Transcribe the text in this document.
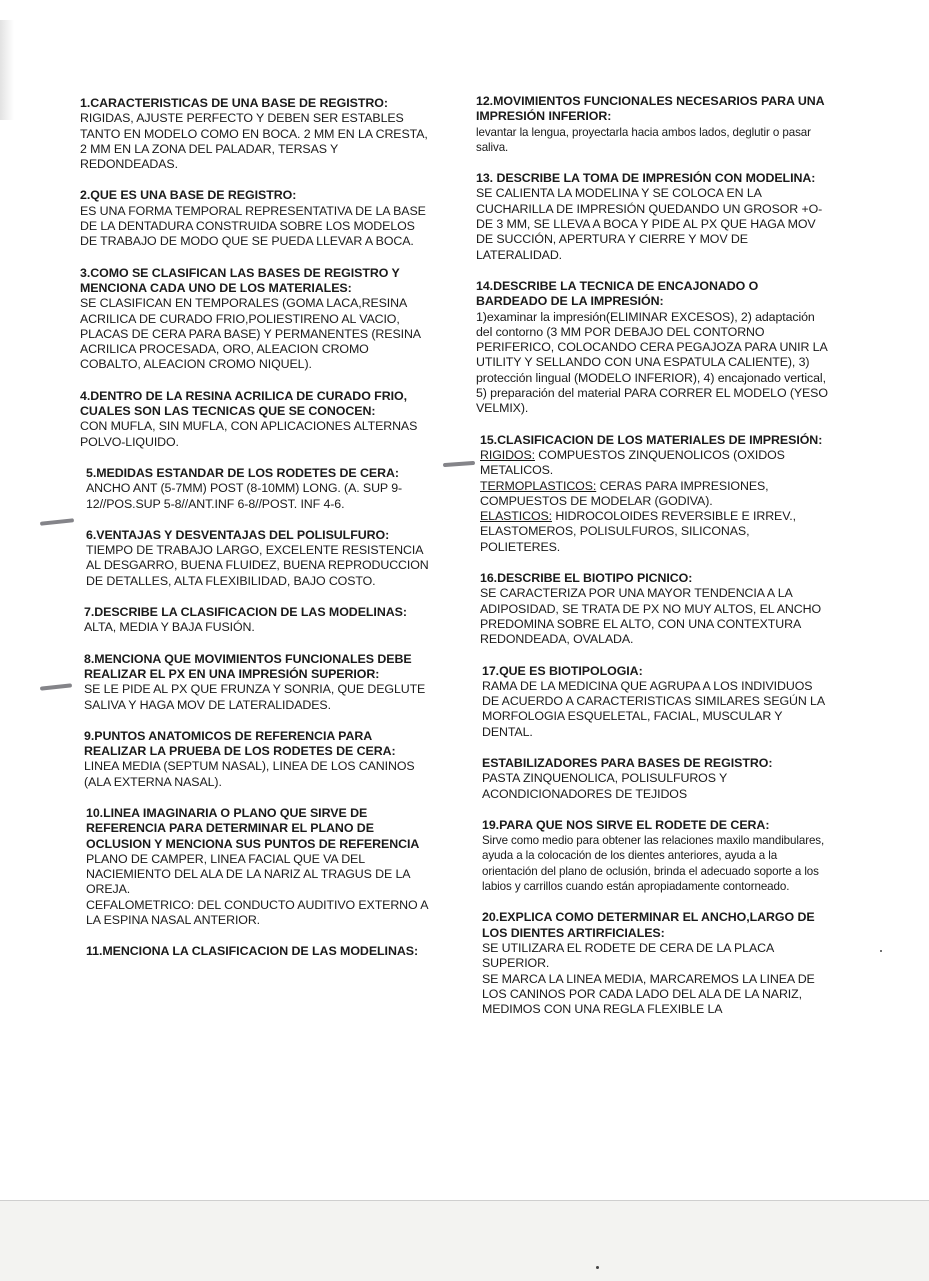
1.CARACTERISTICAS DE UNA BASE DE REGISTRO:
RIGIDAS, AJUSTE PERFECTO Y DEBEN SER ESTABLES TANTO EN MODELO COMO EN BOCA. 2 MM EN LA CRESTA, 2 MM EN LA ZONA DEL PALADAR, TERSAS Y REDONDEADAS.
2.QUE ES UNA BASE DE REGISTRO:
ES UNA FORMA TEMPORAL REPRESENTATIVA DE LA BASE DE LA DENTADURA CONSTRUIDA SOBRE LOS MODELOS DE TRABAJO DE MODO QUE SE PUEDA LLEVAR A BOCA.
3.COMO SE CLASIFICAN LAS BASES DE REGISTRO Y MENCIONA CADA UNO DE LOS MATERIALES:
SE CLASIFICAN EN TEMPORALES (GOMA LACA,RESINA ACRILICA DE CURADO FRIO,POLIESTIRENO AL VACIO, PLACAS DE CERA PARA BASE) Y PERMANENTES (RESINA ACRILICA PROCESADA, ORO, ALEACION CROMO COBALTO, ALEACION CROMO NIQUEL).
4.DENTRO DE LA RESINA ACRILICA DE CURADO FRIO, CUALES SON LAS TECNICAS QUE SE CONOCEN:
CON MUFLA, SIN MUFLA, CON APLICACIONES ALTERNAS POLVO-LIQUIDO.
5.MEDIDAS ESTANDAR DE LOS RODETES DE CERA:
ANCHO ANT (5-7MM) POST (8-10MM) LONG. (A. SUP 9-12//POS.SUP 5-8//ANT.INF 6-8//POST. INF 4-6.
6.VENTAJAS Y DESVENTAJAS DEL POLISULFURO:
TIEMPO DE TRABAJO LARGO, EXCELENTE RESISTENCIA AL DESGARRO, BUENA FLUIDEZ, BUENA REPRODUCCION DE DETALLES, ALTA FLEXIBILIDAD, BAJO COSTO.
7.DESCRIBE LA CLASIFICACION DE LAS MODELINAS:
ALTA, MEDIA Y BAJA FUSIÓN.
8.MENCIONA QUE MOVIMIENTOS FUNCIONALES DEBE REALIZAR EL PX EN UNA IMPRESIÓN SUPERIOR:
SE LE PIDE AL PX QUE FRUNZA Y SONRIA, QUE DEGLUTE SALIVA Y HAGA MOV DE LATERALIDADES.
9.PUNTOS ANATOMICOS DE REFERENCIA PARA REALIZAR LA PRUEBA DE LOS RODETES DE CERA:
LINEA MEDIA (SEPTUM NASAL), LINEA DE LOS CANINOS (ALA EXTERNA NASAL).
10.LINEA IMAGINARIA O PLANO QUE SIRVE DE REFERENCIA PARA DETERMINAR EL PLANO DE OCLUSION Y MENCIONA SUS PUNTOS DE REFERENCIA
PLANO DE CAMPER, LINEA FACIAL QUE VA DEL NACIEMIENTO DEL ALA DE LA NARIZ AL TRAGUS DE LA OREJA.
CEFALOMETRICO: DEL CONDUCTO AUDITIVO EXTERNO A LA ESPINA NASAL ANTERIOR.
11.MENCIONA LA CLASIFICACION DE LAS MODELINAS:
12.MOVIMIENTOS FUNCIONALES NECESARIOS PARA UNA IMPRESIÓN INFERIOR:
levantar la lengua, proyectarla hacia ambos lados, deglutir o pasar saliva.
13. DESCRIBE LA TOMA DE IMPRESIÓN CON MODELINA:
SE CALIENTA LA MODELINA Y SE COLOCA EN LA CUCHARILLA DE IMPRESIÓN QUEDANDO UN GROSOR +O- DE 3 MM, SE LLEVA A BOCA Y PIDE AL PX QUE HAGA MOV DE SUCCIÓN, APERTURA Y CIERRE Y MOV DE LATERALIDAD.
14.DESCRIBE LA TECNICA DE ENCAJONADO O BARDEADO DE LA IMPRESIÓN:
1)examinar la impresión(ELIMINAR EXCESOS), 2) adaptación del contorno (3 MM POR DEBAJO DEL CONTORNO PERIFERICO, COLOCANDO CERA PEGAJOZA PARA UNIR LA UTILITY Y SELLANDO CON UNA ESPATULA CALIENTE), 3) protección lingual (MODELO INFERIOR), 4) encajonado vertical, 5) preparación del material PARA CORRER EL MODELO (YESO VELMIX).
15.CLASIFICACION DE LOS MATERIALES DE IMPRESIÓN:
RIGIDOS: COMPUESTOS ZINQUENOLICOS (OXIDOS METALICOS.
TERMOPLASTICOS: CERAS PARA IMPRESIONES, COMPUESTOS DE MODELAR (GODIVA).
ELASTICOS: HIDROCOLOIDES REVERSIBLE E IRREV., ELASTOMEROS, POLISULFUROS, SILICONAS, POLIETERES.
16.DESCRIBE EL BIOTIPO PICNICO:
SE CARACTERIZA POR UNA MAYOR TENDENCIA A LA ADIPOSIDAD, SE TRATA DE PX NO MUY ALTOS, EL ANCHO PREDOMINA SOBRE EL ALTO, CON UNA CONTEXTURA REDONDEADA, OVALADA.
17.QUE ES BIOTIPOLOGIA:
RAMA DE LA MEDICINA QUE AGRUPA A LOS INDIVIDUOS DE ACUERDO A CARACTERISTICAS SIMILARES SEGÚN LA MORFOLOGIA ESQUELETAL, FACIAL, MUSCULAR Y DENTAL.
ESTABILIZADORES PARA BASES DE REGISTRO:
PASTA ZINQUENOLICA, POLISULFUROS Y ACONDICIONADORES DE TEJIDOS
19.PARA QUE NOS SIRVE EL RODETE DE CERA:
Sirve como medio para obtener las relaciones maxilo mandibulares, ayuda a la colocación de los dientes anteriores, ayuda a la orientación del plano de oclusión, brinda el adecuado soporte a los labios y carrillos cuando están apropiadamente contorneado.
20.EXPLICA COMO DETERMINAR EL ANCHO,LARGO DE LOS DIENTES ARTIRFICIALES:
SE UTILIZARA EL RODETE DE CERA DE LA PLACA SUPERIOR.
SE MARCA LA LINEA MEDIA, MARCAREMOS LA LINEA DE LOS CANINOS POR CADA LADO DEL ALA DE LA NARIZ, MEDIMOS CON UNA REGLA FLEXIBLE LA
